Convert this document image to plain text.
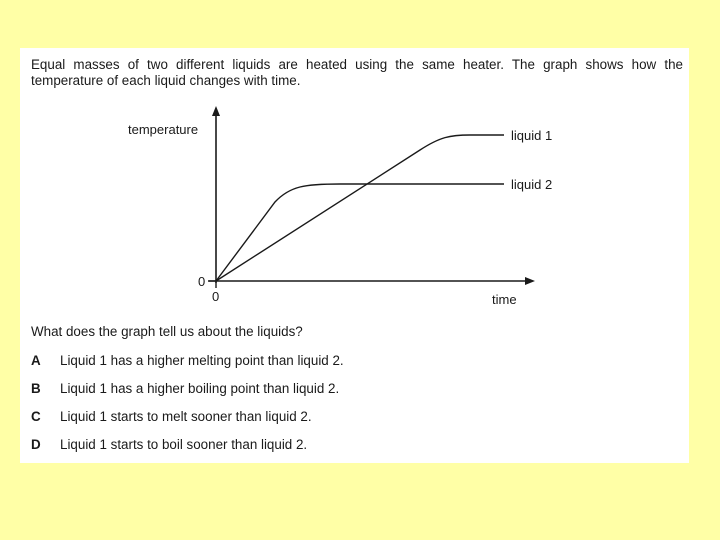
Equal masses of two different liquids are heated using the same heater. The graph shows how the temperature of each liquid changes with time.

temperature
time
0
0
liquid 1
liquid 2

What does the graph tell us about the liquids?

A Liquid 1 has a higher melting point than liquid 2.
B Liquid 1 has a higher boiling point than liquid 2.
C Liquid 1 starts to melt sooner than liquid 2.
D Liquid 1 starts to boil sooner than liquid 2.
